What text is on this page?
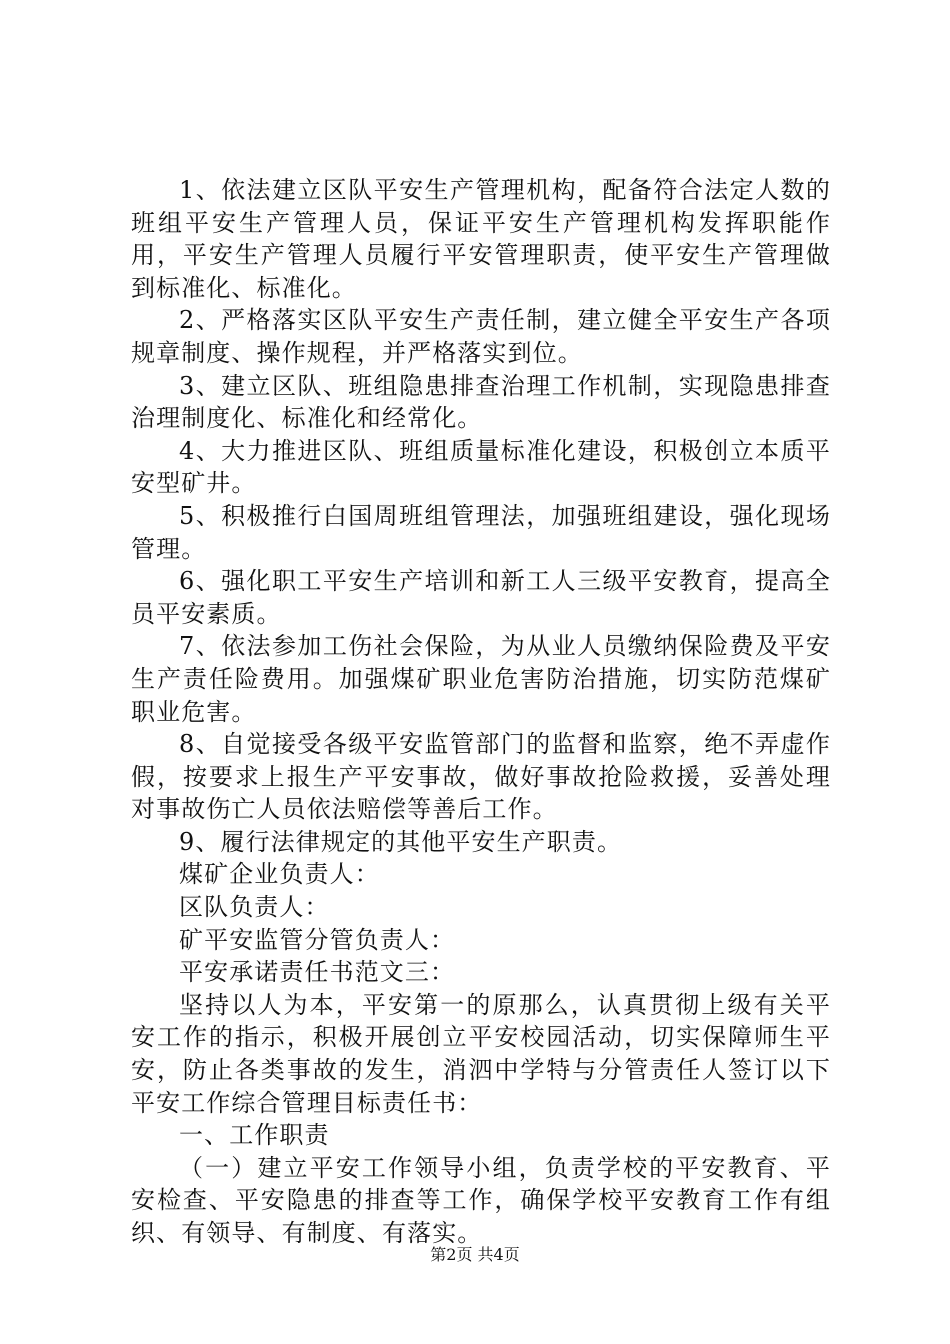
1、依法建立区队平安生产管理机构，配备符合法定人数的班组平安生产管理人员，保证平安生产管理机构发挥职能作用，平安生产管理人员履行平安管理职责，使平安生产管理做到标准化、标准化。

2、严格落实区队平安生产责任制，建立健全平安生产各项规章制度、操作规程，并严格落实到位。

3、建立区队、班组隐患排查治理工作机制，实现隐患排查治理制度化、标准化和经常化。

4、大力推进区队、班组质量标准化建设，积极创立本质平安型矿井。

5、积极推行白国周班组管理法，加强班组建设，强化现场管理。

6、强化职工平安生产培训和新工人三级平安教育，提高全员平安素质。

7、依法参加工伤社会保险，为从业人员缴纳保险费及平安生产责任险费用。加强煤矿职业危害防治措施，切实防范煤矿职业危害。

8、自觉接受各级平安监管部门的监督和监察，绝不弄虚作假，按要求上报生产平安事故，做好事故抢险救援，妥善处理对事故伤亡人员依法赔偿等善后工作。

9、履行法律规定的其他平安生产职责。

煤矿企业负责人：

区队负责人：

矿平安监管分管负责人：

平安承诺责任书范文三：

坚持以人为本，平安第一的原那么，认真贯彻上级有关平安工作的指示，积极开展创立平安校园活动，切实保障师生平安，防止各类事故的发生，消泗中学特与分管责任人签订以下平安工作综合管理目标责任书：

一、工作职责

（一）建立平安工作领导小组，负责学校的平安教育、平安检查、平安隐患的排查等工作，确保学校平安教育工作有组织、有领导、有制度、有落实。

第2页 共4页
